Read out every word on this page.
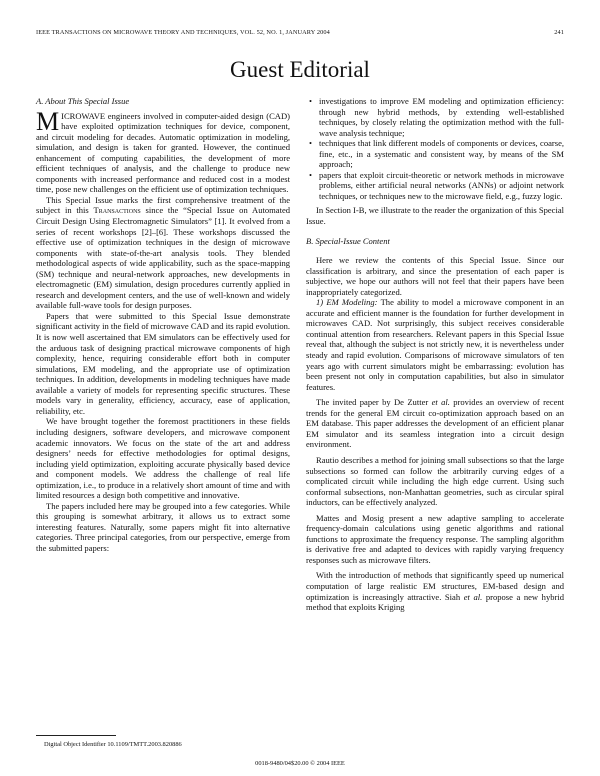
IEEE TRANSACTIONS ON MICROWAVE THEORY AND TECHNIQUES, VOL. 52, NO. 1, JANUARY 2004	241
Guest Editorial
A. About This Special Issue

MICROWAVE engineers involved in computer-aided design (CAD) have exploited optimization techniques for device, component, and circuit modeling for decades. Automatic optimization in modeling, simulation, and design is taken for granted. However, the continued enhancement of computing capabilities, the development of more efficient techniques of analysis, and the challenge to produce new components with increased performance and reduced cost in a modest time, pose new challenges on the efficient use of optimization techniques.

This Special Issue marks the first comprehensive treatment of the subject in this Transactions since the “Special Issue on Automated Circuit Design Using Electromagnetic Simulators” [1]. It evolved from a series of recent workshops [2]–[6]. These workshops discussed the effective use of optimization techniques in the design of microwave components with state-of-the-art analysis tools. They blended methodological aspects of wide applicability, such as the space-mapping (SM) technique and neural-network approaches, new developments in electromagnetic (EM) simulation, design procedures currently applied in research and development centers, and the use of well-known and widely available full-wave tools for design purposes.

Papers that were submitted to this Special Issue demonstrate significant activity in the field of microwave CAD and its rapid evolution. It is now well ascertained that EM simulators can be effectively used for the arduous task of designing practical microwave components of high complexity, hence, requiring considerable effort both in computer simulations, EM modeling, and the appropriate use of optimization techniques. In addition, developments in modeling techniques have made available a variety of models for representing specific structures. These models vary in generality, efficiency, accuracy, ease of application, reliability, etc.

We have brought together the foremost practitioners in these fields including designers, software developers, and microwave component academic innovators. We focus on the state of the art and address designers’ needs for effective methodologies for optimal designs, including yield optimization, exploiting accurate physically based device and component models. We address the challenge of real life optimization, i.e., to produce in a relatively short amount of time and with limited resources a design both competitive and innovative.

The papers included here may be grouped into a few categories. While this grouping is somewhat arbitrary, it allows us to extract some interesting features. Naturally, some papers might fit into alternative categories. Three principal categories, from our perspective, emerge from the submitted papers:

• investigations to improve EM modeling and optimization efficiency: through new hybrid methods, by extending well-established techniques, by closely relating the optimization method with the full-wave analysis technique;
• techniques that link different models of components or devices, coarse, fine, etc., in a systematic and consistent way, by means of the SM approach;
• papers that exploit circuit-theoretic or network methods in microwave problems, either artificial neural networks (ANNs) or adjoint network techniques, or techniques new to the microwave field, e.g., fuzzy logic.

In Section I-B, we illustrate to the reader the organization of this Special Issue.

B. Special-Issue Content

Here we review the contents of this Special Issue. Since our classification is arbitrary, and since the presentation of each paper is subjective, we hope our authors will not feel that their papers have been inappropriately categorized.

1) EM Modeling: The ability to model a microwave component in an accurate and efficient manner is the foundation for further development in microwaves CAD. Not surprisingly, this subject receives considerable continual attention from researchers. Relevant papers in this Special Issue reveal that, although the subject is not strictly new, it is nevertheless under steady and rapid evolution. Comparisons of microwave simulators of ten years ago with current simulators might be embarrassing: evolution has been present not only in computation capabilities, but also in simulator features.

The invited paper by De Zutter et al. provides an overview of recent trends for the general EM circuit co-optimization approach based on an EM database. This paper addresses the development of an efficient planar EM simulator and its seamless integration into a circuit design environment.

Rautio describes a method for joining small subsections so that the large subsections so formed can follow the arbitrarily curving edges of a complicated circuit while including the high edge current. Using such conformal subsections, non-Manhattan geometries, such as circular spiral inductors, can be effectively analyzed.

Mattes and Mosig present a new adaptive sampling to accelerate frequency-domain calculations using genetic algorithms and rational functions to approximate the frequency response. The sampling algorithm is derivative free and adapted to devices with rapidly varying frequency responses such as microwave filters.

With the introduction of methods that significantly speed up numerical computation of large realistic EM structures, EM-based design and optimization is increasingly attractive. Siah et al. propose a new hybrid method that exploits Kriging

Digital Object Identifier 10.1109/TMTT.2003.820886
0018-9480/04$20.00 © 2004 IEEE
